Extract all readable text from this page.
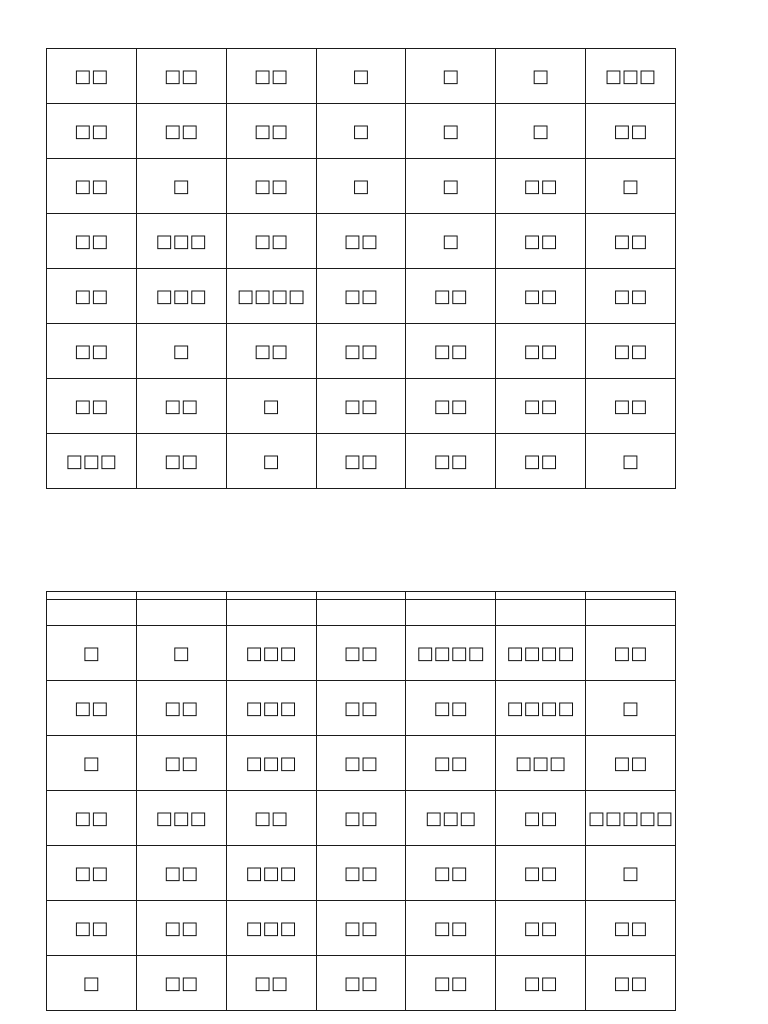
□□	□□	□□	□	□	□	□□□
□□	□□	□□	□	□	□	□□
□□	□	□□	□	□	□□	□
□□	□□□	□□	□□	□	□□	□□
□□	□□□	□□□□	□□	□□	□□	□□
□□	□	□□	□□	□□	□□	□□
□□	□□	□	□□	□□	□□	□□
□□□	□□	□	□□	□□	□□	□

□	□	□□□	□□	□□□□	□□□□	□□
□□	□□	□□□	□□	□□	□□□□	□
□	□□	□□□	□□	□□	□□□	□□
□□	□□□	□□	□□	□□□	□□	□□□□□
□□	□□	□□□	□□	□□	□□	□
□□	□□	□□□	□□	□□	□□	□□
□	□□	□□	□□	□□	□□	□□
